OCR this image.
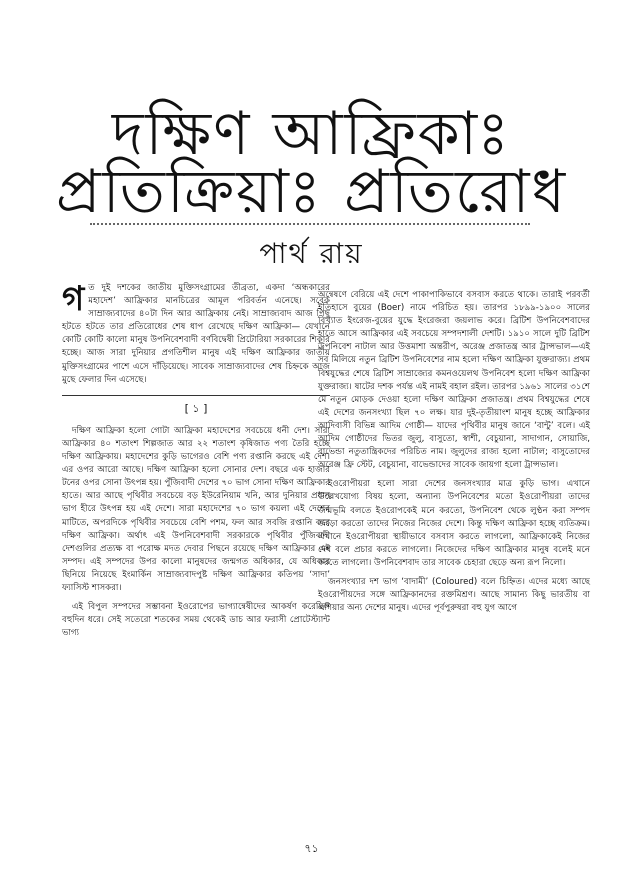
দক্ষিণ আফ্রিকাঃ
প্রতিক্রিয়াঃ প্রতিরোধ
পার্থ রায়

গত দুই দশকের জাতীয় মুক্তিসংগ্রামের তীব্রতা, একদা ‘অন্ধকারের মহাদেশ’ আফ্রিকার মানচিত্রের আমূল পরিবর্তন এনেছে। সবেক সাম্রাজ্যবাদের ৪০টা দিন আর আফ্রিকায় নেই। সাম্রাজ্যবাদ আজ পিছু হটতে হটতে তার প্রতিরোধের শেষ ধাপ রেখেছে দক্ষিণ আফ্রিকা— যেখানে কোটি কোটি কালো মানুষ উপনিবেশবাদী বর্ণবিদ্বেষী প্রিটোরিয়া সরকারের শিকার হচ্ছে। আজ সারা দুনিয়ার প্রগতিশীল মানুষ এই দক্ষিণ আফ্রিকার জাতীয় মুক্তিসংগ্রামের পাশে এসে দাঁড়িয়েছে। সাবেক সাম্রাজ্যবাদের শেষ চিহ্নকে আজ মুছে ফেলার দিন এসেছে।

[ ১ ]

দক্ষিণ আফ্রিকা হলো গোটা আফ্রিকা মহাদেশের সবচেয়ে ধনী দেশ। সারা আফ্রিকার ৪০ শতাংশ শিল্পজাত আর ২২ শতাংশ কৃষিজাত পণ্য তৈরি হচ্ছে দক্ষিণ আফ্রিকায়। মহাদেশের কুড়ি ভাগেরও বেশি পণ্য রপ্তানি করছে এই দেশ। এর ওপর আরো আছে। দক্ষিণ আফ্রিকা হলো সোনার দেশ। বছরে এক হাজার টনের ওপর সোনা উৎপন্ন হয়। পুঁজিবাদী দেশের ৭০ ভাগ সোনা দক্ষিণ আফ্রিকার হাতে। আর আছে পৃথিবীর সবচেয়ে বড় ইউরেনিয়াম খনি, আর দুনিয়ার প্রধান ভাগ হীরে উৎপন্ন হয় এই দেশে। সারা মহাদেশের ৭০ ভাগ কয়লা এই দেশের মাটিতে, অপরদিকে পৃথিবীর সবচেয়ে বেশি পশম, ফল আর সবজি রপ্তানি করে দক্ষিণ আফ্রিকা। অর্থাৎ এই উপনিবেশবাদী সরকারকে পৃথিবীর পুঁজিবাদী দেশগুলির প্রত্যক্ষ বা পরোক্ষ মদত দেবার পিছনে রয়েছে দক্ষিণ আফ্রিকার এই সম্পদ। এই সম্পদের উপর কালো মানুষদের জন্মগত অধিকার, যে অধিকার ছিনিয়ে নিয়েছে ইংমার্কিন সাম্রাজ্যবাদপুষ্ট দক্ষিণ আফ্রিকার কতিপয় ‘সাদা’ ফ্যাসিস্ট শাসকরা।

এই বিপুল সম্পদের সম্ভাবনা ইওরোপের ভাগ্যান্বেষীদের আকর্ষণ করেছিল বহুদিন ধরে। সেই সতেরো শতকের সময় থেকেই ডাচ আর ফরাসী প্রোটেস্ট্যান্ট ভাগ্য

অন্বেষণে বেরিয়ে এই দেশে পাকাপাকিভাবে বসবাস করতে থাকে। তারাই পরবর্তী ইতিহাসে বুয়ের (Boer) নামে পরিচিত হয়। তারপর ১৮৯৯-১৯০০ সালের বিখ্যাত ইংরেজ-বুয়ের যুদ্ধে ইংরেজরা জয়লাভ করে। ব্রিটিশ উপনিবেশবাদের হাতে আসে আফ্রিকার এই সবচেয়ে সম্পদশালী দেশটি। ১৯১০ সালে দুটি ব্রিটিশ উপনিবেশ নাটাল আর উত্তমাশা অন্তরীপ, অরেঞ্জ প্রজাতন্ত্র আর ট্রান্সভাল—এই সব মিলিয়ে নতুন ব্রিটিশ উপনিবেশের নাম হলো দক্ষিণ আফ্রিকা যুক্তরাজ্য। প্রথম বিশ্বযুদ্ধের শেষে ব্রিটিশ সাম্রাজ্যের কমনওয়েলথ উপনিবেশ হলো দক্ষিণ আফ্রিকা যুক্তরাজ্য। ষাটের দশক পর্যন্ত এই নামই বহাল রইল। তারপর ১৯৬১ সালের ৩১শে মে নতুন মোড়ক দেওয়া হলো দক্ষিণ আফ্রিকা প্রজাতন্ত্র। প্রথম বিশ্বযুদ্ধের শেষে এই দেশের জনসংখ্যা ছিল ৭০ লক্ষ। যার দুই-তৃতীয়াংশ মানুষ হচ্ছে আফ্রিকার আদিবাসী বিভিন্ন আদিম গোষ্ঠী— যাদের পৃথিবীর মানুষ জানে ‘বান্টু’ বলে। এই আদিম গোষ্ঠীদের ভিতর জুলু, বাসুতো, স্বাশী, বেচুয়ানা, সাদাগান, সোয়াজি, বাভেন্ডা নতুতান্ত্রিকদের পরিচিত নাম। জুলুদের রাজ্য হলো নাটাল; বাসুতোদের অরেঞ্জ ফ্রি স্টেট, বেচুয়ানা, বাভেন্ডাদের সাবেক জায়গা হলো ট্রান্সভাল।

ইওরোপীয়রা হলো সারা দেশের জনসংখ্যার মাত্র কুড়ি ভাগ। এখানে উল্লেখযোগ্য বিষয় হলো, অন্যান্য উপনিবেশের মতো ইওরোপীয়রা তাদের জন্মভূমি বলতে ইওরোপকেই মনে করতো, উপনিবেশ থেকে লুণ্ঠন করা সম্পদ জড়ো করতো তাদের নিজের নিজের দেশে। কিন্তু দক্ষিণ আফ্রিকা হচ্ছে ব্যতিক্রম। এখানে ইওরোপীয়রা স্থায়ীভাবে বসবাস করতে লাগলো, আফ্রিকাকেই নিজের দেশ বলে প্রচার করতে লাগলো। নিজেদের দক্ষিণ আফ্রিকার মানুষ বলেই মনে করতে লাগলো। উপনিবেশবাদ তার সাবেক চেহারা ছেড়ে অন্য রূপ নিলো।

জনসংখ্যার দশ ভাগ ‘বাদামী’ (Coloured) বলে চিহ্নিত। এদের মধ্যে আছে ইওরোপীয়দের সঙ্গে আফ্রিকানদের রক্তমিশ্রণ। আছে সামান্য কিছু ভারতীয় বা এশিয়ার অন্য দেশের মানুষ। এদের পূর্বপুরুষরা বহু যুগ আগে

৭১
